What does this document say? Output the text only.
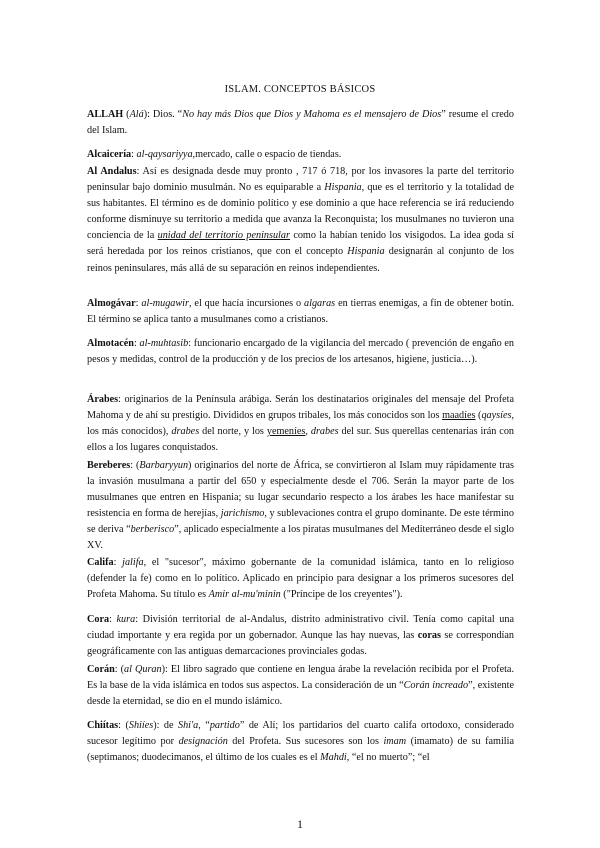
ISLAM. CONCEPTOS BÁSICOS

ALLAH (Alá): Dios. “No hay más Dios que Dios y Mahoma es el mensajero de Dios” resume el credo del Islam.

Alcaicería: al-qaysariyya,mercado, calle o espacio de tiendas.

Al Andalus: Así es designada desde muy pronto , 717 ó 718, por los invasores la parte del territorio peninsular bajo dominio musulmán. No es equiparable a Hispania, que es el territorio y la totalidad de sus habitantes. El término es de dominio político y ese dominio a que hace referencia se irá reduciendo conforme disminuye su territorio a medida que avanza la Reconquista; los musulmanes no tuvieron una conciencia de la unidad del territorio peninsular como la habían tenido los visigodos. La idea goda sí será heredada por los reinos cristianos, que con el concepto Hispania designarán al conjunto de los reinos peninsulares, más allá de su separación en reinos independientes.

Almogávar: al-mugawir, el que hacía incursiones o algaras en tierras enemigas, a fin de obtener botín. El término se aplica tanto a musulmanes como a cristianos.

Almotacén: al-muhtasib: funcionario encargado de la vigilancia del mercado ( prevención de engaño en pesos y medidas, control de la producción y de los precios de los artesanos, higiene, justicia…).

Árabes: originarios de la Península arábiga. Serán los destinatarios originales del mensaje del Profeta Mahoma y de ahí su prestigio. Divididos en grupos tribales, los más conocidos son los maadíes (qaysíes, los más conocidos), drabes del norte, y los yemeníes, drabes del sur. Sus querellas centenarias irán con ellos a los lugares conquistados.

Bereberes: (Barbaryyun) originarios del norte de África, se convirtieron al Islam muy rápidamente tras la invasión musulmana a partir del 650 y especialmente desde el 706. Serán la mayor parte de los musulmanes que entren en Hispania; su lugar secundario respecto a los árabes les hace manifestar su resistencia en forma de herejías, jarichismo, y sublevaciones contra el grupo dominante. De este término se deriva “berberisco”, aplicado especialmente a los piratas musulmanes del Mediterráneo desde el siglo XV.

Califa: jalifa, el "sucesor", máximo gobernante de la comunidad islámica, tanto en lo religioso (defender la fe) como en lo político. Aplicado en principio para designar a los primeros sucesores del Profeta Mahoma. Su título es Amir al-mu'minin ("Príncipe de los creyentes").

Cora: kura: División territorial de al-Andalus, distrito administrativo civil. Tenía como capital una ciudad importante y era regida por un gobernador. Aunque las hay nuevas, las coras se correspondían geográficamente con las antiguas demarcaciones provinciales godas.

Corán: (al Quran): El libro sagrado que contiene en lengua árabe la revelación recibida por el Profeta. Es la base de la vida islámica en todos sus aspectos. La consideración de un “Corán increado”, existente desde la eternidad, se dio en el mundo islámico.

Chiítas: (Shiíes): de Shi'a, “partido” de Alí; los partidarios del cuarto califa ortodoxo, considerado sucesor legítimo por designación del Profeta. Sus sucesores son los imam (imamato) de su familia (septimanos; duodecimanos, el último de los cuales es el Mahdi, “el no muerto”; “el

1
